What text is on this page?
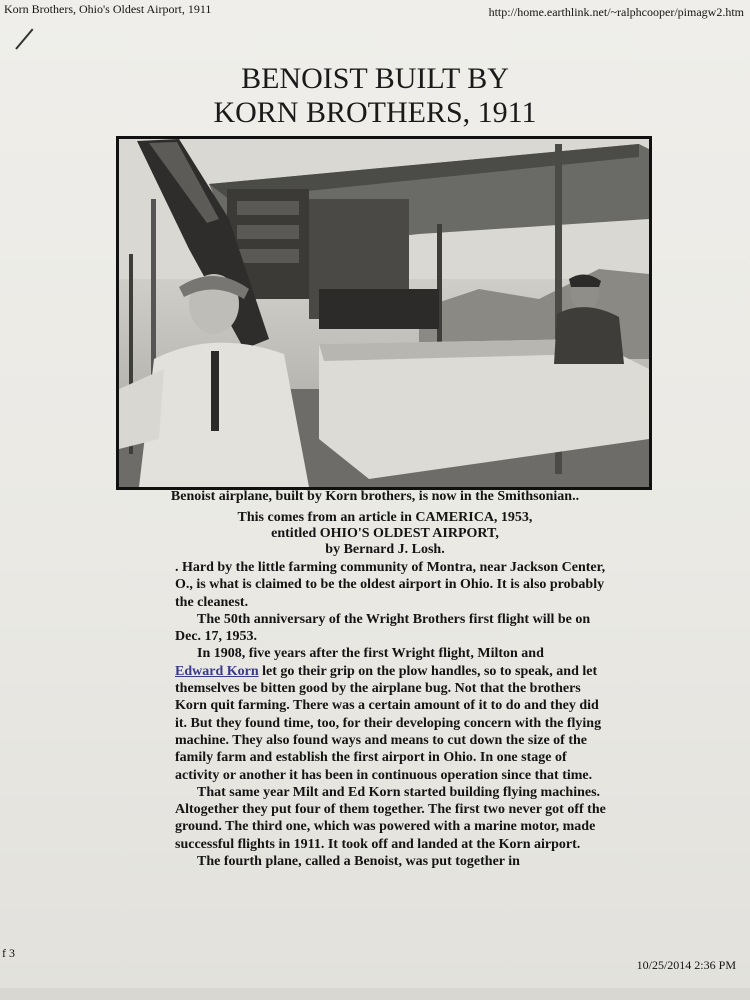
Korn Brothers, Ohio's Oldest Airport, 1911	http://home.earthlink.net/~ralphcooper/pimagw2.htm
BENOIST BUILT BY
KORN BROTHERS, 1911
Benoist airplane, built by Korn brothers, is now in the Smithsonian..
This comes from an article in CAMERICA, 1953,
entitled OHIO'S OLDEST AIRPORT,
by Bernard J. Losh.

. Hard by the little farming community of Montra, near Jackson Center, O., is what is claimed to be the oldest airport in Ohio. It is also probably the cleanest.

The 50th anniversary of the Wright Brothers first flight will be on Dec. 17, 1953.

In 1908, five years after the first Wright flight, Milton and
Edward Korn let go their grip on the plow handles, so to speak, and let themselves be bitten good by the airplane bug. Not that the brothers Korn quit farming. There was a certain amount of it to do and they did it. But they found time, too, for their developing concern with the flying machine. They also found ways and means to cut down the size of the family farm and establish the first airport in Ohio. In one stage of activity or another it has been in continuous operation since that time.

That same year Milt and Ed Korn started building flying machines. Altogether they put four of them together. The first two never got off the ground. The third one, which was powered with a marine motor, made successful flights in 1911. It took off and landed at the Korn airport.

The fourth plane, called a Benoist, was put together in

f 3
10/25/2014 2:36 PM
